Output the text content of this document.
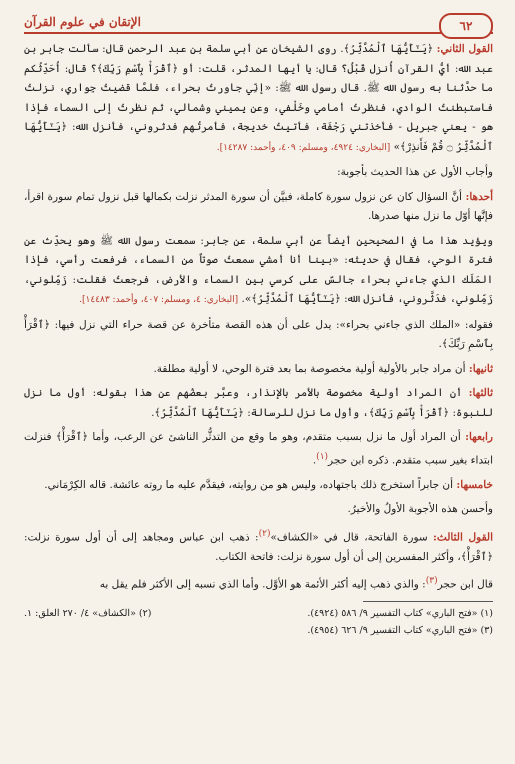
٦٢
الإتقان في علوم القرآن

القول الثاني: ﴿يَـٰٓأَيُّهَا ٱلْمُدَّثِّرُ﴾. روى الشيخان عن أبي سلمة بن عبد الرحمن قال: سألت جابر بن عبد الله: أيُّ القرآن أُنزل قَبْلُ؟ قال: يا أيها المدثر، قلت: أو ﴿ٱقْرَأْ بِٱسْمِ رَبِّكَ﴾؟ قال: أُحَدِّثُكم ما حدَّثنا به رسول الله ﷺ. قال رسول الله ﷺ: «إنِّي جاورتُ بحراء، فلمَّا قضيتُ جِواري، نزلتُ فاستبطنتُ الوادي، فنظرتُ أمامي وخَلْفي، وعن يميني وشمالي، ثم نظرتُ إلى السماء فإذا هو - يعني جبريل - فأخذتني رَجْفَة، فأتيتُ خديجة، فأمرتُهم فدثروني، فأنزل الله: ﴿يَـٰٓأَيُّهَا ٱلْمُدَّثِّرُ ۝ قُمْ فَأَنذِرْ﴾» [البخاري: ٤٩٢٤، ومسلم: ٤٠٩، وأحمد: ١٤٢٨٧].

وأجاب الأول عن هذا الحديث بأجوبة:

أحدها: أنَّ السؤال كان عن نزول سورة كاملة، فبيَّن أن سورة المدثر نزلت بكمالها قبل نزول تمام سورة اقرأ، فإنَّها أوّل ما نزل منها صدرها.

ويؤيد هذا ما في الصحيحين أيضاً عن أبي سلمة، عن جابر: سمعت رسول الله ﷺ وهو يحدِّث عن فترة الوحي، فقال في حديثه: «بينا أنا أمشي سمعتُ صوتاً من السماء، فرفعت رأسي، فإذا المَلَك الذي جاءني بحراء جالسٌ على كرسي بين السماء والأرض، فرجعتُ فقلت: زَمِّلوني، زَمِّلوني، فدَثَّروني، فأنزل الله: ﴿يَـٰٓأَيُّهَا ٱلْمُدَّثِّرُ﴾». [البخاري: ٤، ومسلم: ٤٠٧، وأحمد: ١٤٤٨٣].

فقوله: «الملك الذي جاءني بحراء»: يدل على أن هذه القصة متأخرة عن قصة حراء التي نزل فيها: ﴿ٱقْرَأْ بِٱسْمِ رَبِّكَ﴾.

ثانيها: أن مراد جابر بالأولية أولية مخصوصة بما بعد فترة الوحي، لا أولية مطلقة.

ثالثها: أن المراد أولية مخصوصة بالأمر بالإنذار، وعبَّر بعضُهم عن هذا بقوله: أول ما نزل للنبوة: ﴿ٱقْرَأْ بِٱسْمِ رَبِّكَ﴾، وأول ما نزل للرسالة: ﴿يَـٰٓأَيُّهَا ٱلْمُدَّثِّرُ﴾.

رابعها: أن المراد أول ما نزل بسبب متقدم، وهو ما وقع من التدثُّر الناشئ عن الرعب، وأما ﴿ٱقْرَأْ﴾ فنزلت ابتداء بغير سبب متقدم. ذكره ابن حجر$^{(١)}$.

خامسها: أن جابراً استخرج ذلك باجتهاده، وليس هو من روايته، فيقدَّم عليه ما روته عائشة. قاله الكِرْمَاني.

وأحسن هذه الأجوبة الأولُ والأخيرُ.

القول الثالث: سورة الفاتحة، قال في «الكشاف»$^{(٢)}$: ذهب ابن عباس ومجاهد إلى أن أول سورة نزلت: ﴿ٱقْرَأْ﴾، وأكثر المفسرين إلى أن أول سورة نزلت: فاتحة الكتاب.

قال ابن حجر$^{(٣)}$: والذي ذهب إليه أكثر الأئمة هو الأوَّل. وأما الذي نسبه إلى الأكثر فلم يقل به

(١) «فتح الباري» كتاب التفسير ٩/ ٥٨٦ (٤٩٢٤).
(٢) «الكشاف» ٤/ ٢٧٠ العلق: ١.
(٣) «فتح الباري» كتاب التفسير ٩/ ٦٢٦ (٤٩٥٤).
